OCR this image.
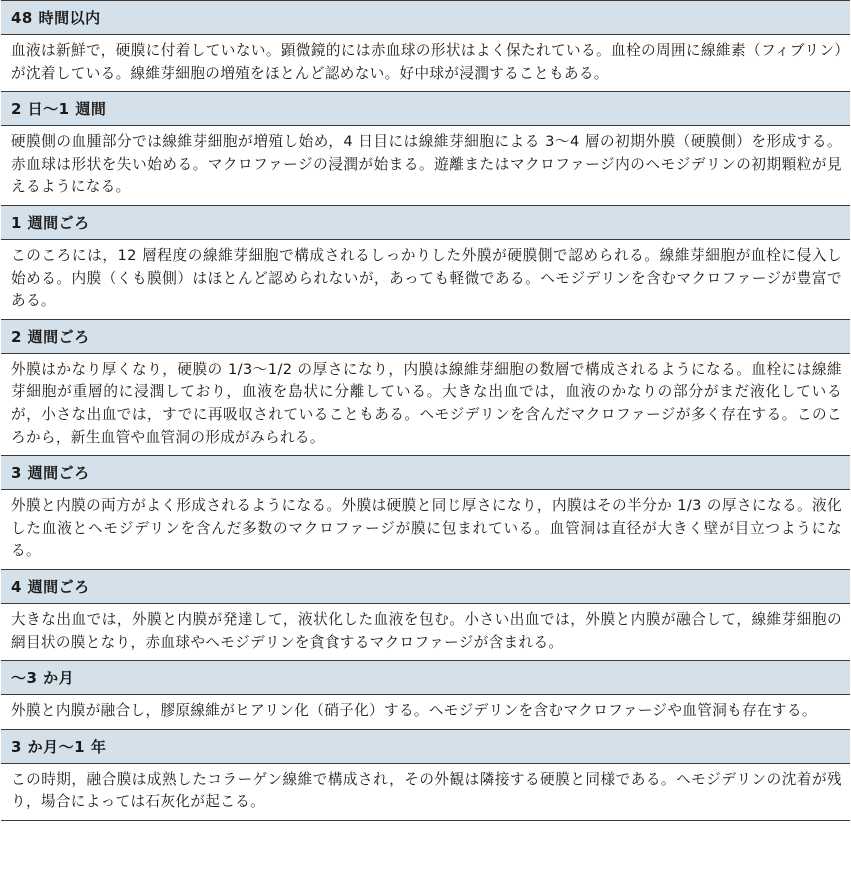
48 時間以内
血液は新鮮で，硬膜に付着していない。顕微鏡的には赤血球の形状はよく保たれている。血栓の周囲に線維素（フィブリン）が沈着している。線維芽細胞の増殖をほとんど認めない。好中球が浸潤することもある。
2 日〜1 週間
硬膜側の血腫部分では線維芽細胞が増殖し始め，4 日目には線維芽細胞による 3〜4 層の初期外膜（硬膜側）を形成する。赤血球は形状を失い始める。マクロファージの浸潤が始まる。遊離またはマクロファージ内のヘモジデリンの初期顆粒が見えるようになる。
1 週間ごろ
このころには，12 層程度の線維芽細胞で構成されるしっかりした外膜が硬膜側で認められる。線維芽細胞が血栓に侵入し始める。内膜（くも膜側）はほとんど認められないが，あっても軽微である。ヘモジデリンを含むマクロファージが豊富である。
2 週間ごろ
外膜はかなり厚くなり，硬膜の 1/3〜1/2 の厚さになり，内膜は線維芽細胞の数層で構成されるようになる。血栓には線維芽細胞が重層的に浸潤しており，血液を島状に分離している。大きな出血では，血液のかなりの部分がまだ液化しているが，小さな出血では，すでに再吸収されていることもある。ヘモジデリンを含んだマクロファージが多く存在する。このころから，新生血管や血管洞の形成がみられる。
3 週間ごろ
外膜と内膜の両方がよく形成されるようになる。外膜は硬膜と同じ厚さになり，内膜はその半分か 1/3 の厚さになる。液化した血液とヘモジデリンを含んだ多数のマクロファージが膜に包まれている。血管洞は直径が大きく壁が目立つようになる。
4 週間ごろ
大きな出血では，外膜と内膜が発達して，液状化した血液を包む。小さい出血では，外膜と内膜が融合して，線維芽細胞の網目状の膜となり，赤血球やヘモジデリンを貪食するマクロファージが含まれる。
〜3 か月
外膜と内膜が融合し，膠原線維がヒアリン化（硝子化）する。ヘモジデリンを含むマクロファージや血管洞も存在する。
3 か月〜1 年
この時期，融合膜は成熟したコラーゲン線維で構成され，その外観は隣接する硬膜と同様である。ヘモジデリンの沈着が残り，場合によっては石灰化が起こる。
